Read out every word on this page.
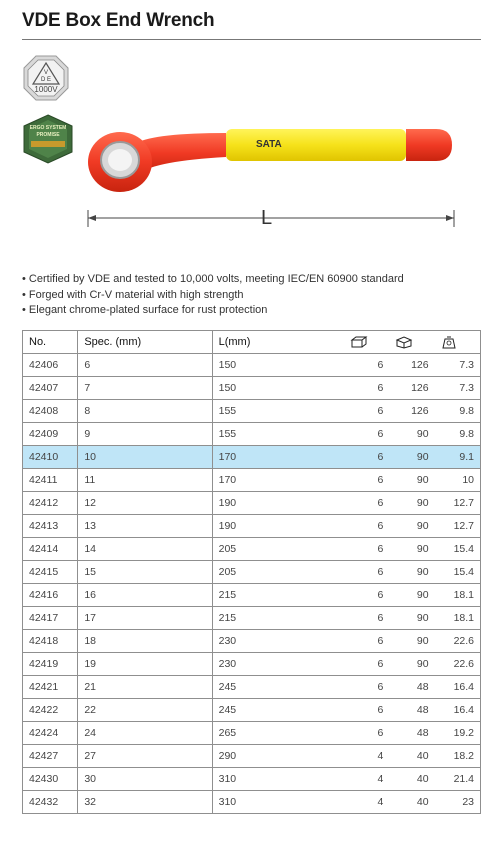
VDE Box End Wrench
V
D E
1000V
ERGO SYSTEM PROMISE
SATA
L
• Certified by VDE and tested to 10,000 volts, meeting IEC/EN 60900 standard
• Forged with Cr-V material with high strength
• Elegant chrome-plated surface for rust protection
No.	Spec. (mm)	L(mm)			
42406	6	150	6	126	7.3
42407	7	150	6	126	7.3
42408	8	155	6	126	9.8
42409	9	155	6	90	9.8
42410	10	170	6	90	9.1
42411	11	170	6	90	10
42412	12	190	6	90	12.7
42413	13	190	6	90	12.7
42414	14	205	6	90	15.4
42415	15	205	6	90	15.4
42416	16	215	6	90	18.1
42417	17	215	6	90	18.1
42418	18	230	6	90	22.6
42419	19	230	6	90	22.6
42421	21	245	6	48	16.4
42422	22	245	6	48	16.4
42424	24	265	6	48	19.2
42427	27	290	4	40	18.2
42430	30	310	4	40	21.4
42432	32	310	4	40	23
